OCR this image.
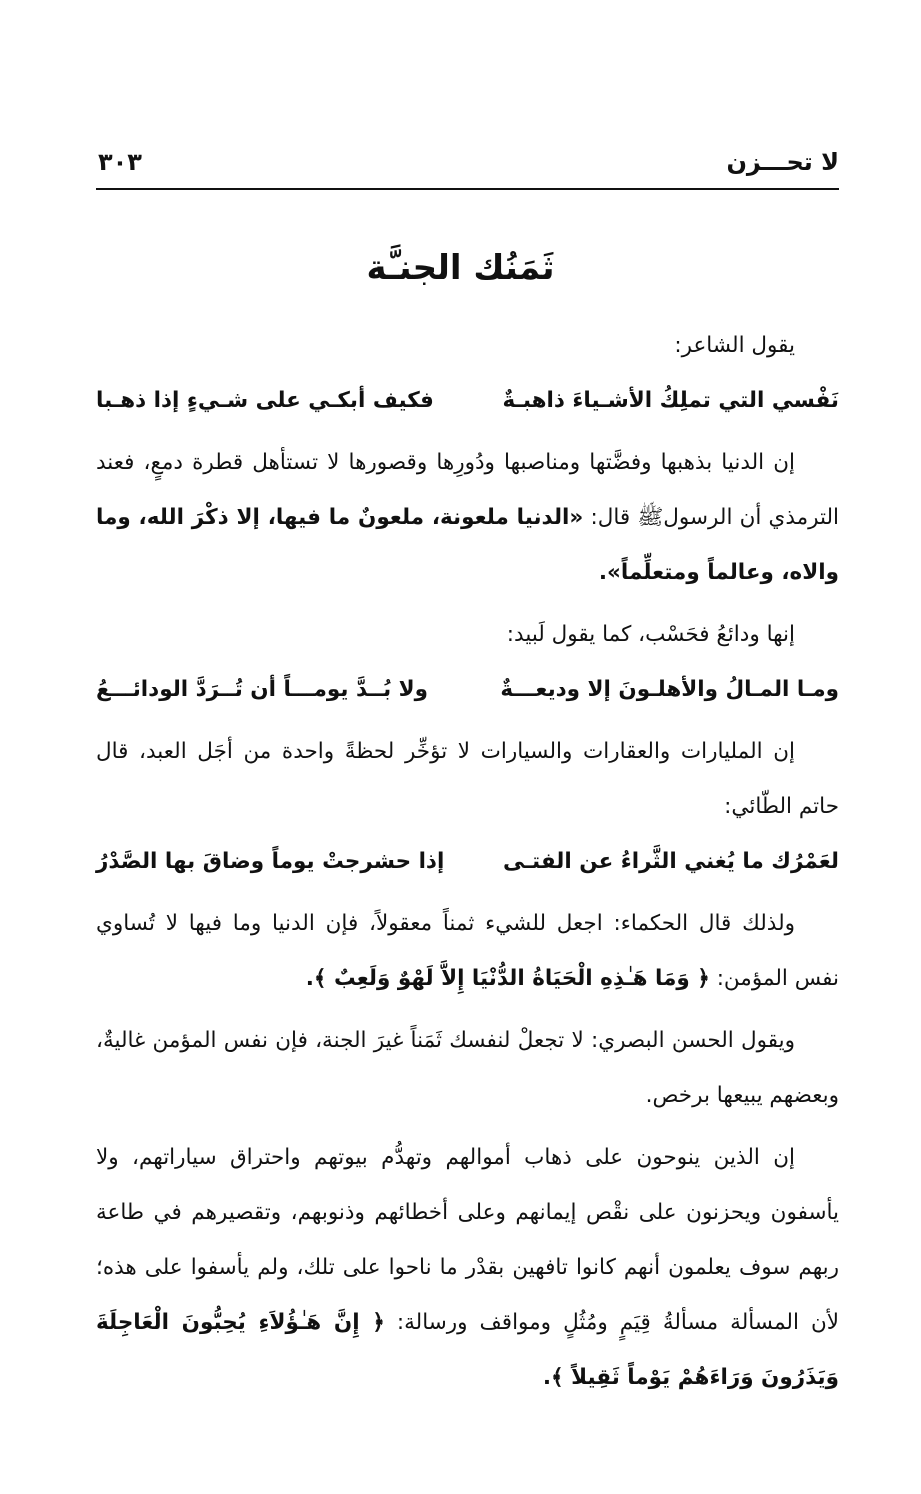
لا تحـــزن
٣٠٣
ثَمَنُك الجنـَّة

يقول الشاعر:

نَفْسي التي تملِكُ الأشـياءَ ذاهبـةٌ
فكيف أبكـي على شـيءٍ إذا ذهـبا

إن الدنيا بذهبها وفضَّتها ومناصبها ودُورِها وقصورها لا تستأهل قطرة دمعٍ، فعند الترمذي أن الرسولﷺ قال: «الدنيا ملعونة، ملعونٌ ما فيها، إلا ذكْرَ الله، وما والاه، وعالماً ومتعلِّماً».

إنها ودائعُ فحَسْب، كما يقول لَبيد:

ومـا المـالُ والأهلـونَ إلا وديعـــةٌ
ولا بُــدَّ يومـــاً أن تُــرَدَّ الودائـــعُ

إن المليارات والعقارات والسيارات لا تؤخِّر لحظةً واحدة من أجَل العبد، قال حاتم الطّائي:

لعَمْرُك ما يُغني الثَّراءُ عن الفتـى
إذا حشرجتْ يوماً وضاقَ بها الصَّدْرُ

ولذلك قال الحكماء: اجعل للشيء ثمناً معقولاً، فإن الدنيا وما فيها لا تُساوي نفس المؤمن: ﴿ وَمَا هَـٰذِهِ الْحَيَاةُ الدُّنْيَا إِلاَّ لَهْوٌ وَلَعِبٌ ﴾.

ويقول الحسن البصري: لا تجعلْ لنفسك ثَمَناً غيرَ الجنة، فإن نفس المؤمن غاليةٌ، وبعضهم يبيعها برخص.

إن الذين ينوحون على ذهاب أموالهم وتهدُّم بيوتهم واحتراق سياراتهم، ولا يأسفون ويحزنون على نقْص إيمانهم وعلى أخطائهم وذنوبهم، وتقصيرهم في طاعة ربهم سوف يعلمون أنهم كانوا تافهين بقدْر ما ناحوا على تلك، ولم يأسفوا على هذه؛ لأن المسألة مسألةُ قِيَمٍ ومُثُلٍ ومواقف ورسالة: ﴿ إِنَّ هَـٰؤُلاَءِ يُحِبُّونَ الْعَاجِلَةَ وَيَذَرُونَ وَرَاءَهُمْ يَوْماً ثَقِيلاً ﴾.
